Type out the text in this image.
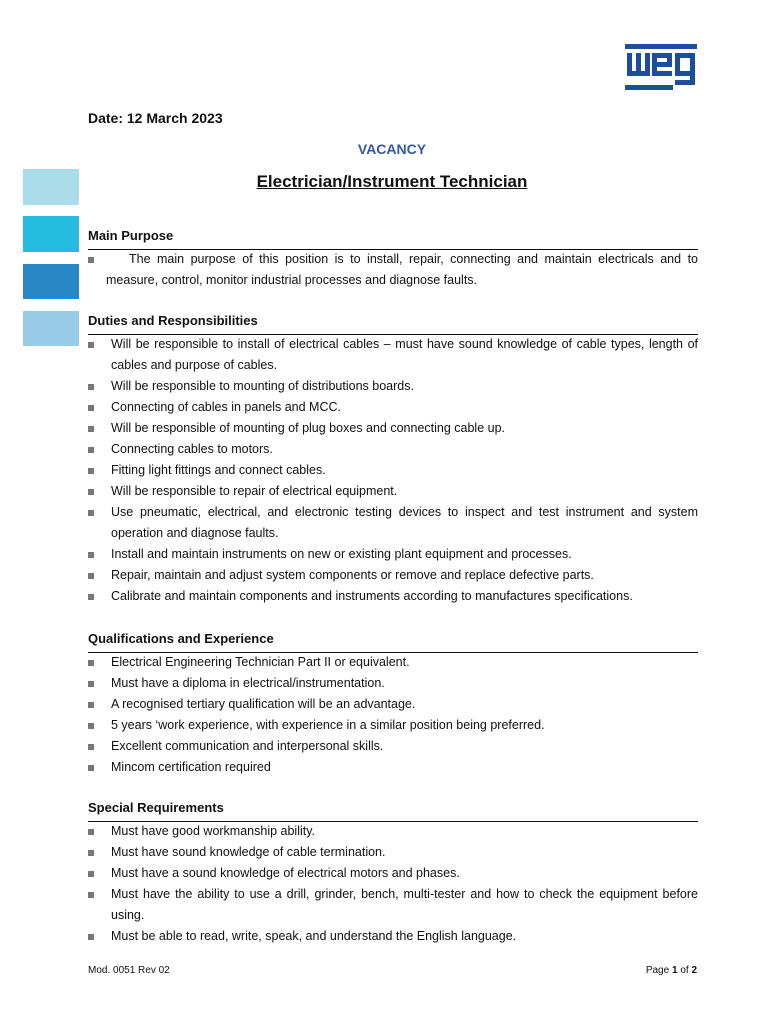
Date: 12 March 2023
VACANCY
Electrician/Instrument Technician
Main Purpose
The main purpose of this position is to install, repair, connecting and maintain electricals and to measure, control, monitor industrial processes and diagnose faults.
Duties and Responsibilities
Will be responsible to install of electrical cables – must have sound knowledge of cable types, length of cables and purpose of cables.
Will be responsible to mounting of distributions boards.
Connecting of cables in panels and MCC.
Will be responsible of mounting of plug boxes and connecting cable up.
Connecting cables to motors.
Fitting light fittings and connect cables.
Will be responsible to repair of electrical equipment.
Use pneumatic, electrical, and electronic testing devices to inspect and test instrument and system operation and diagnose faults.
Install and maintain instruments on new or existing plant equipment and processes.
Repair, maintain and adjust system components or remove and replace defective parts.
Calibrate and maintain components and instruments according to manufactures specifications.
Qualifications and Experience
Electrical Engineering Technician Part II or equivalent.
Must have a diploma in electrical/instrumentation.
A recognised tertiary qualification will be an advantage.
5 years ‘work experience, with experience in a similar position being preferred.
Excellent communication and interpersonal skills.
Mincom certification required
Special Requirements
Must have good workmanship ability.
Must have sound knowledge of cable termination.
Must have a sound knowledge of electrical motors and phases.
Must have the ability to use a drill, grinder, bench, multi-tester and how to check the equipment before using.
Must be able to read, write, speak, and understand the English language.
Mod. 0051 Rev 02	Page 1 of 2
